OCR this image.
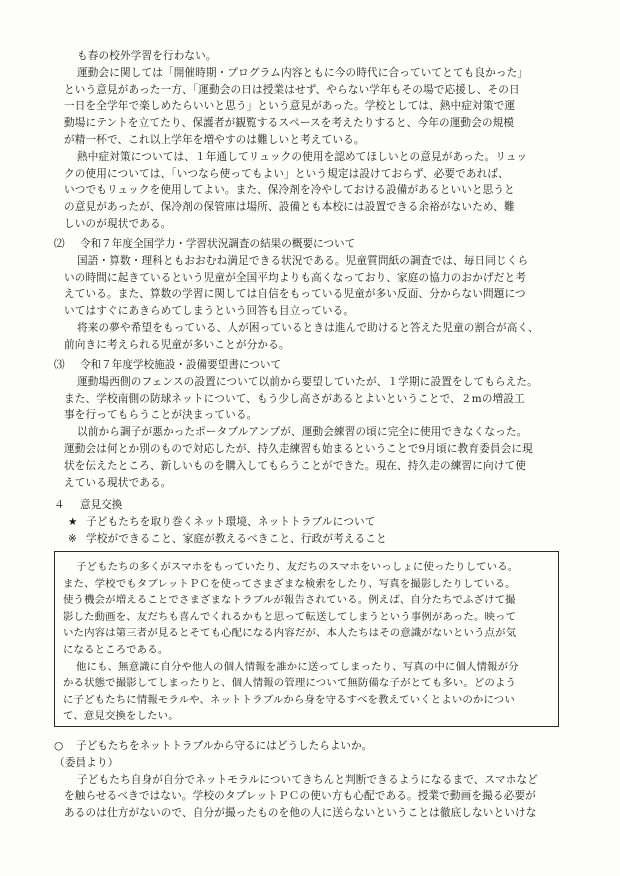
も春の校外学習を行わない。
運動会に関しては「開催時期・プログラム内容ともに今の時代に合っていてとても良かった」
という意見があった一方、「運動会の日は授業はせず、やらない学年もその場で応援し、その日
一日を全学年で楽しめたらいいと思う」という意見があった。学校としては、熱中症対策で運
動場にテントを立てたり、保護者が観覧するスペースを考えたりすると、今年の運動会の規模
が精一杯で、これ以上学年を増やすのは難しいと考えている。
熱中症対策については、１年通してリュックの使用を認めてほしいとの意見があった。リュッ
クの使用については、「いつなら使ってもよい」という規定は設けておらず、必要であれば、
いつでもリュックを使用してよい。また、保冷剤を冷やしておける設備があるといいと思うと
の意見があったが、保冷剤の保管庫は場所、設備とも本校には設置できる余裕がないため、難
しいのが現状である。
⑵ 令和７年度全国学力・学習状況調査の結果の概要について
国語・算数・理科ともおおむね満足できる状況である。児童質問紙の調査では、毎日同じくら
いの時間に起きているという児童が全国平均よりも高くなっており、家庭の協力のおかげだと考
えている。また、算数の学習に関しては自信をもっている児童が多い反面、分からない問題につ
いてはすぐにあきらめてしまうという回答も目立っている。
将来の夢や希望をもっている、人が困っているときは進んで助けると答えた児童の割合が高く、
前向きに考えられる児童が多いことが分かる。
⑶ 令和７年度学校施設・設備要望書について
運動場西側のフェンスの設置について以前から要望していたが、１学期に設置をしてもらえた。
また、学校南側の防球ネットについて、もう少し高さがあるとよいということで、２mの増設工
事を行ってもらうことが決まっている。
以前から調子が悪かったポータブルアンプが、運動会練習の頃に完全に使用できなくなった。
運動会は何とか別のもので対応したが、持久走練習も始まるということで9月頃に教育委員会に現
状を伝えたところ、新しいものを購入してもらうことができた。現在、持久走の練習に向けて使
えている現状である。
４ 意見交換
★ 子どもたちを取り巻くネット環境、ネットトラブルについて
※ 学校ができること、家庭が教えるべきこと、行政が考えること
子どもたちの多くがスマホをもっていたり、友だちのスマホをいっしょに使ったりしている。
また、学校でもタブレットＰＣを使ってさまざまな検索をしたり、写真を撮影したりしている。
使う機会が増えることでさまざまなトラブルが報告されている。例えば、自分たちでふざけて撮
影した動画を、友だちも喜んでくれるかもと思って転送してしまうという事例があった。映って
いた内容は第三者が見るとそても心配になる内容だが、本人たちはその意識がないという点が気
になるところである。
他にも、無意識に自分や他人の個人情報を誰かに送ってしまったり、写真の中に個人情報が分
かる状態で撮影してしまったりと、個人情報の管理について無防備な子がとても多い。どのよう
に子どもたちに情報モラルや、ネットトラブルから身を守るすべを教えていくとよいのかについ
て、意見交換をしたい。
○ 子どもたちをネットトラブルから守るにはどうしたらよいか。
（委員より）
子どもたち自身が自分でネットモラルについてきちんと判断できるようになるまで、スマホなど
を触らせるべきではない。学校のタブレットＰＣの使い方も心配である。授業で動画を撮る必要が
あるのは仕方がないので、自分が撮ったものを他の人に送らないということは徹底しないといけな
